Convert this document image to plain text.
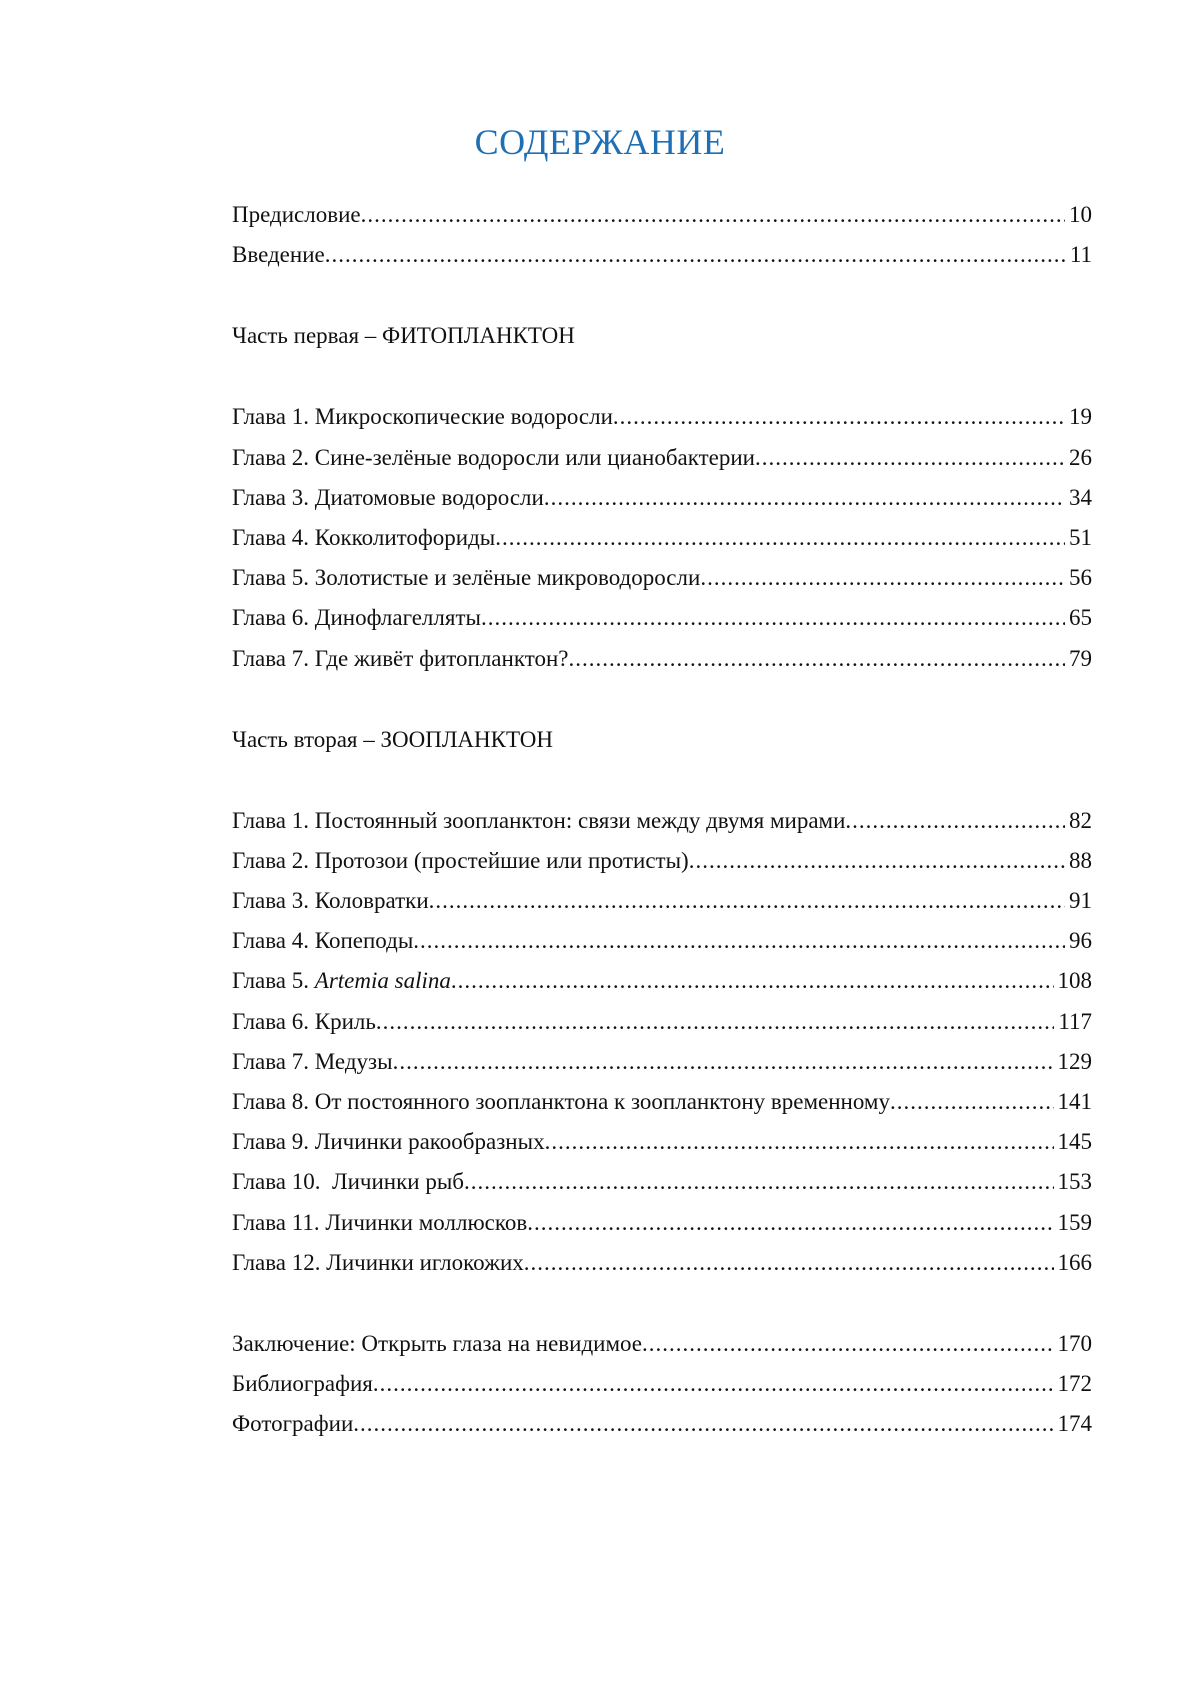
СОДЕРЖАНИЕ
Предисловие .....	10
Введение .....	11
Часть первая – ФИТОПЛАНКТОН
Глава 1. Микроскопические водоросли .....	19
Глава 2. Сине-зелёные водоросли или цианобактерии .....	26
Глава 3. Диатомовые водоросли .....	34
Глава 4. Кокколитофориды .....	51
Глава 5. Золотистые и зелёные микроводоросли .....	56
Глава 6. Динофлагелляты .....	65
Глава 7. Где живёт фитопланктон? .....	79
Часть вторая – ЗООПЛАНКТОН
Глава 1. Постоянный зоопланктон: связи между двумя мирами .....	82
Глава 2. Протозои (простейшие или протисты) .....	88
Глава 3. Коловратки .....	91
Глава 4. Копеподы .....	96
Глава 5. Artemia salina .....	108
Глава 6. Криль .....	117
Глава 7. Медузы .....	129
Глава 8. От постоянного зоопланктона к зоопланктону временному .....	141
Глава 9. Личинки ракообразных .....	145
Глава 10.  Личинки рыб .....	153
Глава 11. Личинки моллюсков .....	159
Глава 12. Личинки иглокожих .....	166
Заключение: Открыть глаза на невидимое .....	170
Библиография .....	172
Фотографии .....	174
